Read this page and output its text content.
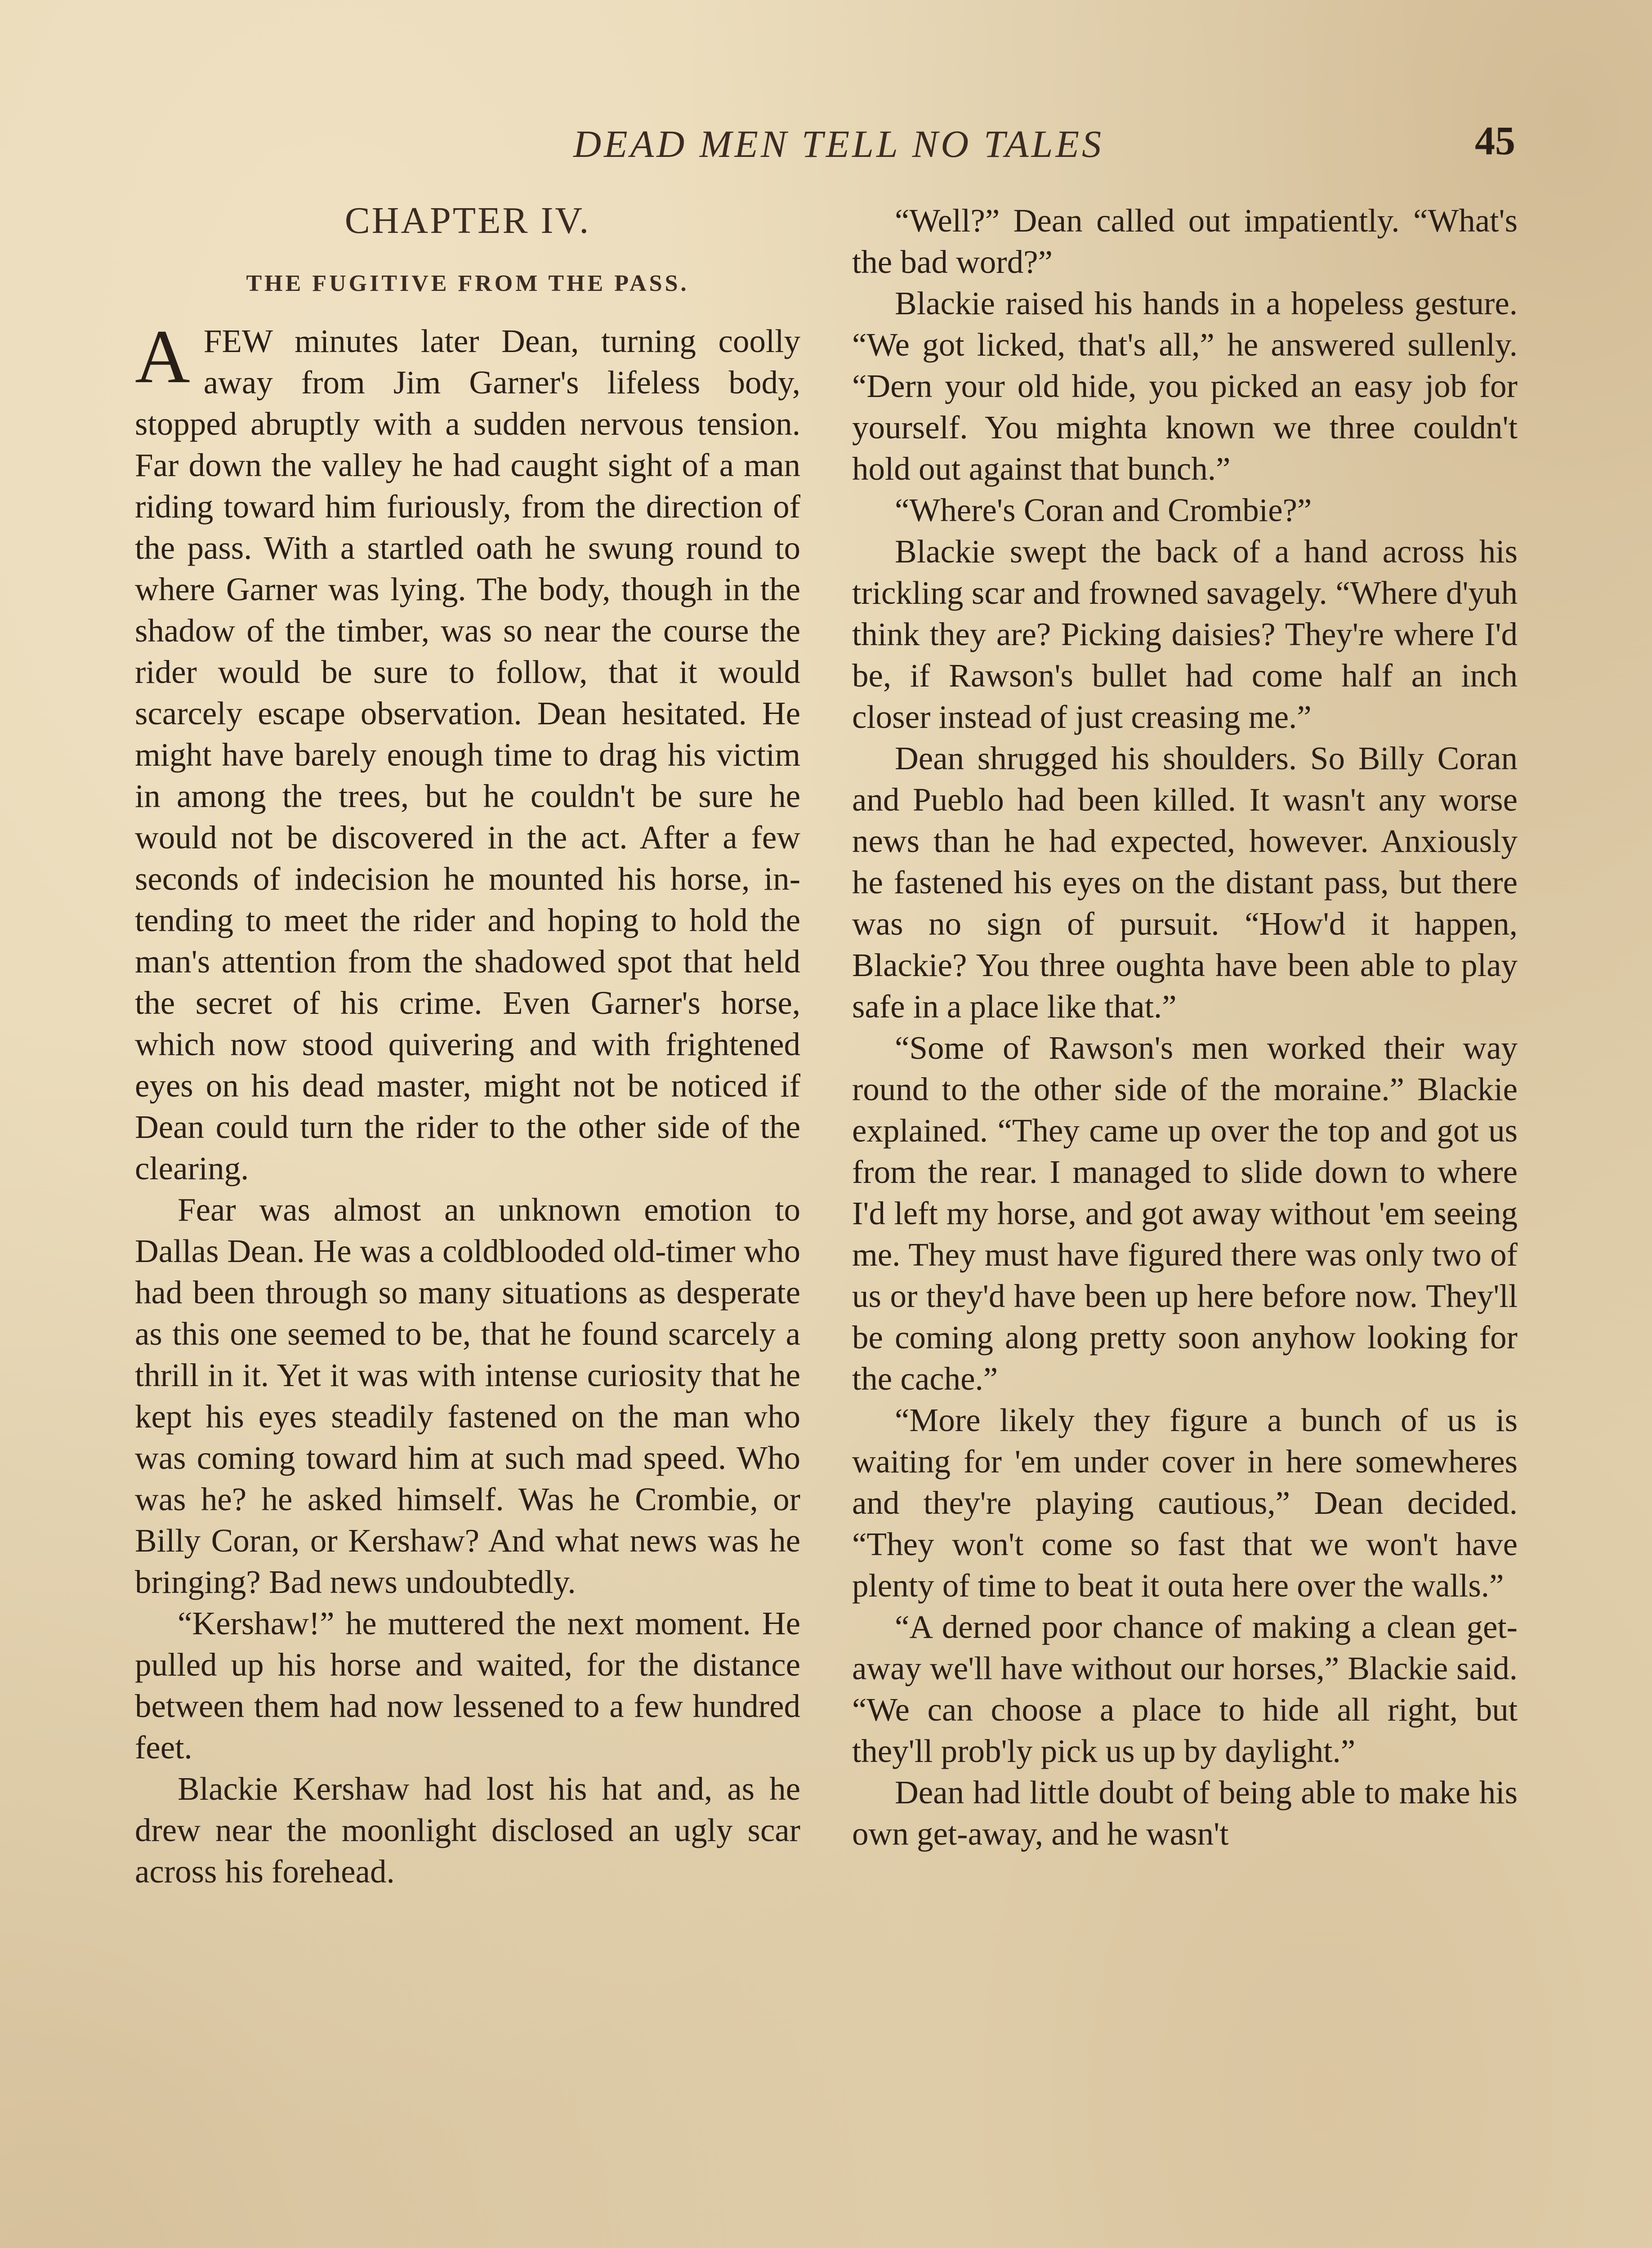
DEAD MEN TELL NO TALES	45
CHAPTER IV.
THE FUGITIVE FROM THE PASS.

A FEW minutes later Dean, turning coolly away from Jim Garner's lifeless body, stopped abruptly with a sudden nervous tension. Far down the valley he had caught sight of a man riding toward him furiously, from the direction of the pass. With a startled oath he swung round to where Garner was lying. The body, though in the shadow of the timber, was so near the course the rider would be sure to follow, that it would scarcely escape observation. Dean hesitated. He might have barely enough time to drag his victim in among the trees, but he couldn't be sure he would not be discovered in the act. After a few seconds of indecision he mounted his horse, intending to meet the rider and hoping to hold the man's attention from the shadowed spot that held the secret of his crime. Even Garner's horse, which now stood quivering and with frightened eyes on his dead master, might not be noticed if Dean could turn the rider to the other side of the clearing.

Fear was almost an unknown emotion to Dallas Dean. He was a coldblooded old-timer who had been through so many situations as desperate as this one seemed to be, that he found scarcely a thrill in it. Yet it was with intense curiosity that he kept his eyes steadily fastened on the man who was coming toward him at such mad speed. Who was he? he asked himself. Was he Crombie, or Billy Coran, or Kershaw? And what news was he bringing? Bad news undoubtedly.

“Kershaw!” he muttered the next moment. He pulled up his horse and waited, for the distance between them had now lessened to a few hundred feet.

Blackie Kershaw had lost his hat and, as he drew near the moonlight disclosed an ugly scar across his forehead.

“Well?” Dean called out impatiently. “What's the bad word?”

Blackie raised his hands in a hopeless gesture. “We got licked, that's all,” he answered sullenly. “Dern your old hide, you picked an easy job for yourself. You mighta known we three couldn't hold out against that bunch.”

“Where's Coran and Crombie?”

Blackie swept the back of a hand across his trickling scar and frowned savagely. “Where d'yuh think they are? Picking daisies? They're where I'd be, if Rawson's bullet had come half an inch closer instead of just creasing me.”

Dean shrugged his shoulders. So Billy Coran and Pueblo had been killed. It wasn't any worse news than he had expected, however. Anxiously he fastened his eyes on the distant pass, but there was no sign of pursuit. “How'd it happen, Blackie? You three oughta have been able to play safe in a place like that.”

“Some of Rawson's men worked their way round to the other side of the moraine.” Blackie explained. “They came up over the top and got us from the rear. I managed to slide down to where I'd left my horse, and got away without 'em seeing me. They must have figured there was only two of us or they'd have been up here before now. They'll be coming along pretty soon anyhow looking for the cache.”

“More likely they figure a bunch of us is waiting for 'em under cover in here somewheres and they're playing cautious,” Dean decided. “They won't come so fast that we won't have plenty of time to beat it outa here over the walls.”

“A derned poor chance of making a clean get-away we'll have without our horses,” Blackie said. “We can choose a place to hide all right, but they'll prob'ly pick us up by daylight.”

Dean had little doubt of being able to make his own get-away, and he wasn't
